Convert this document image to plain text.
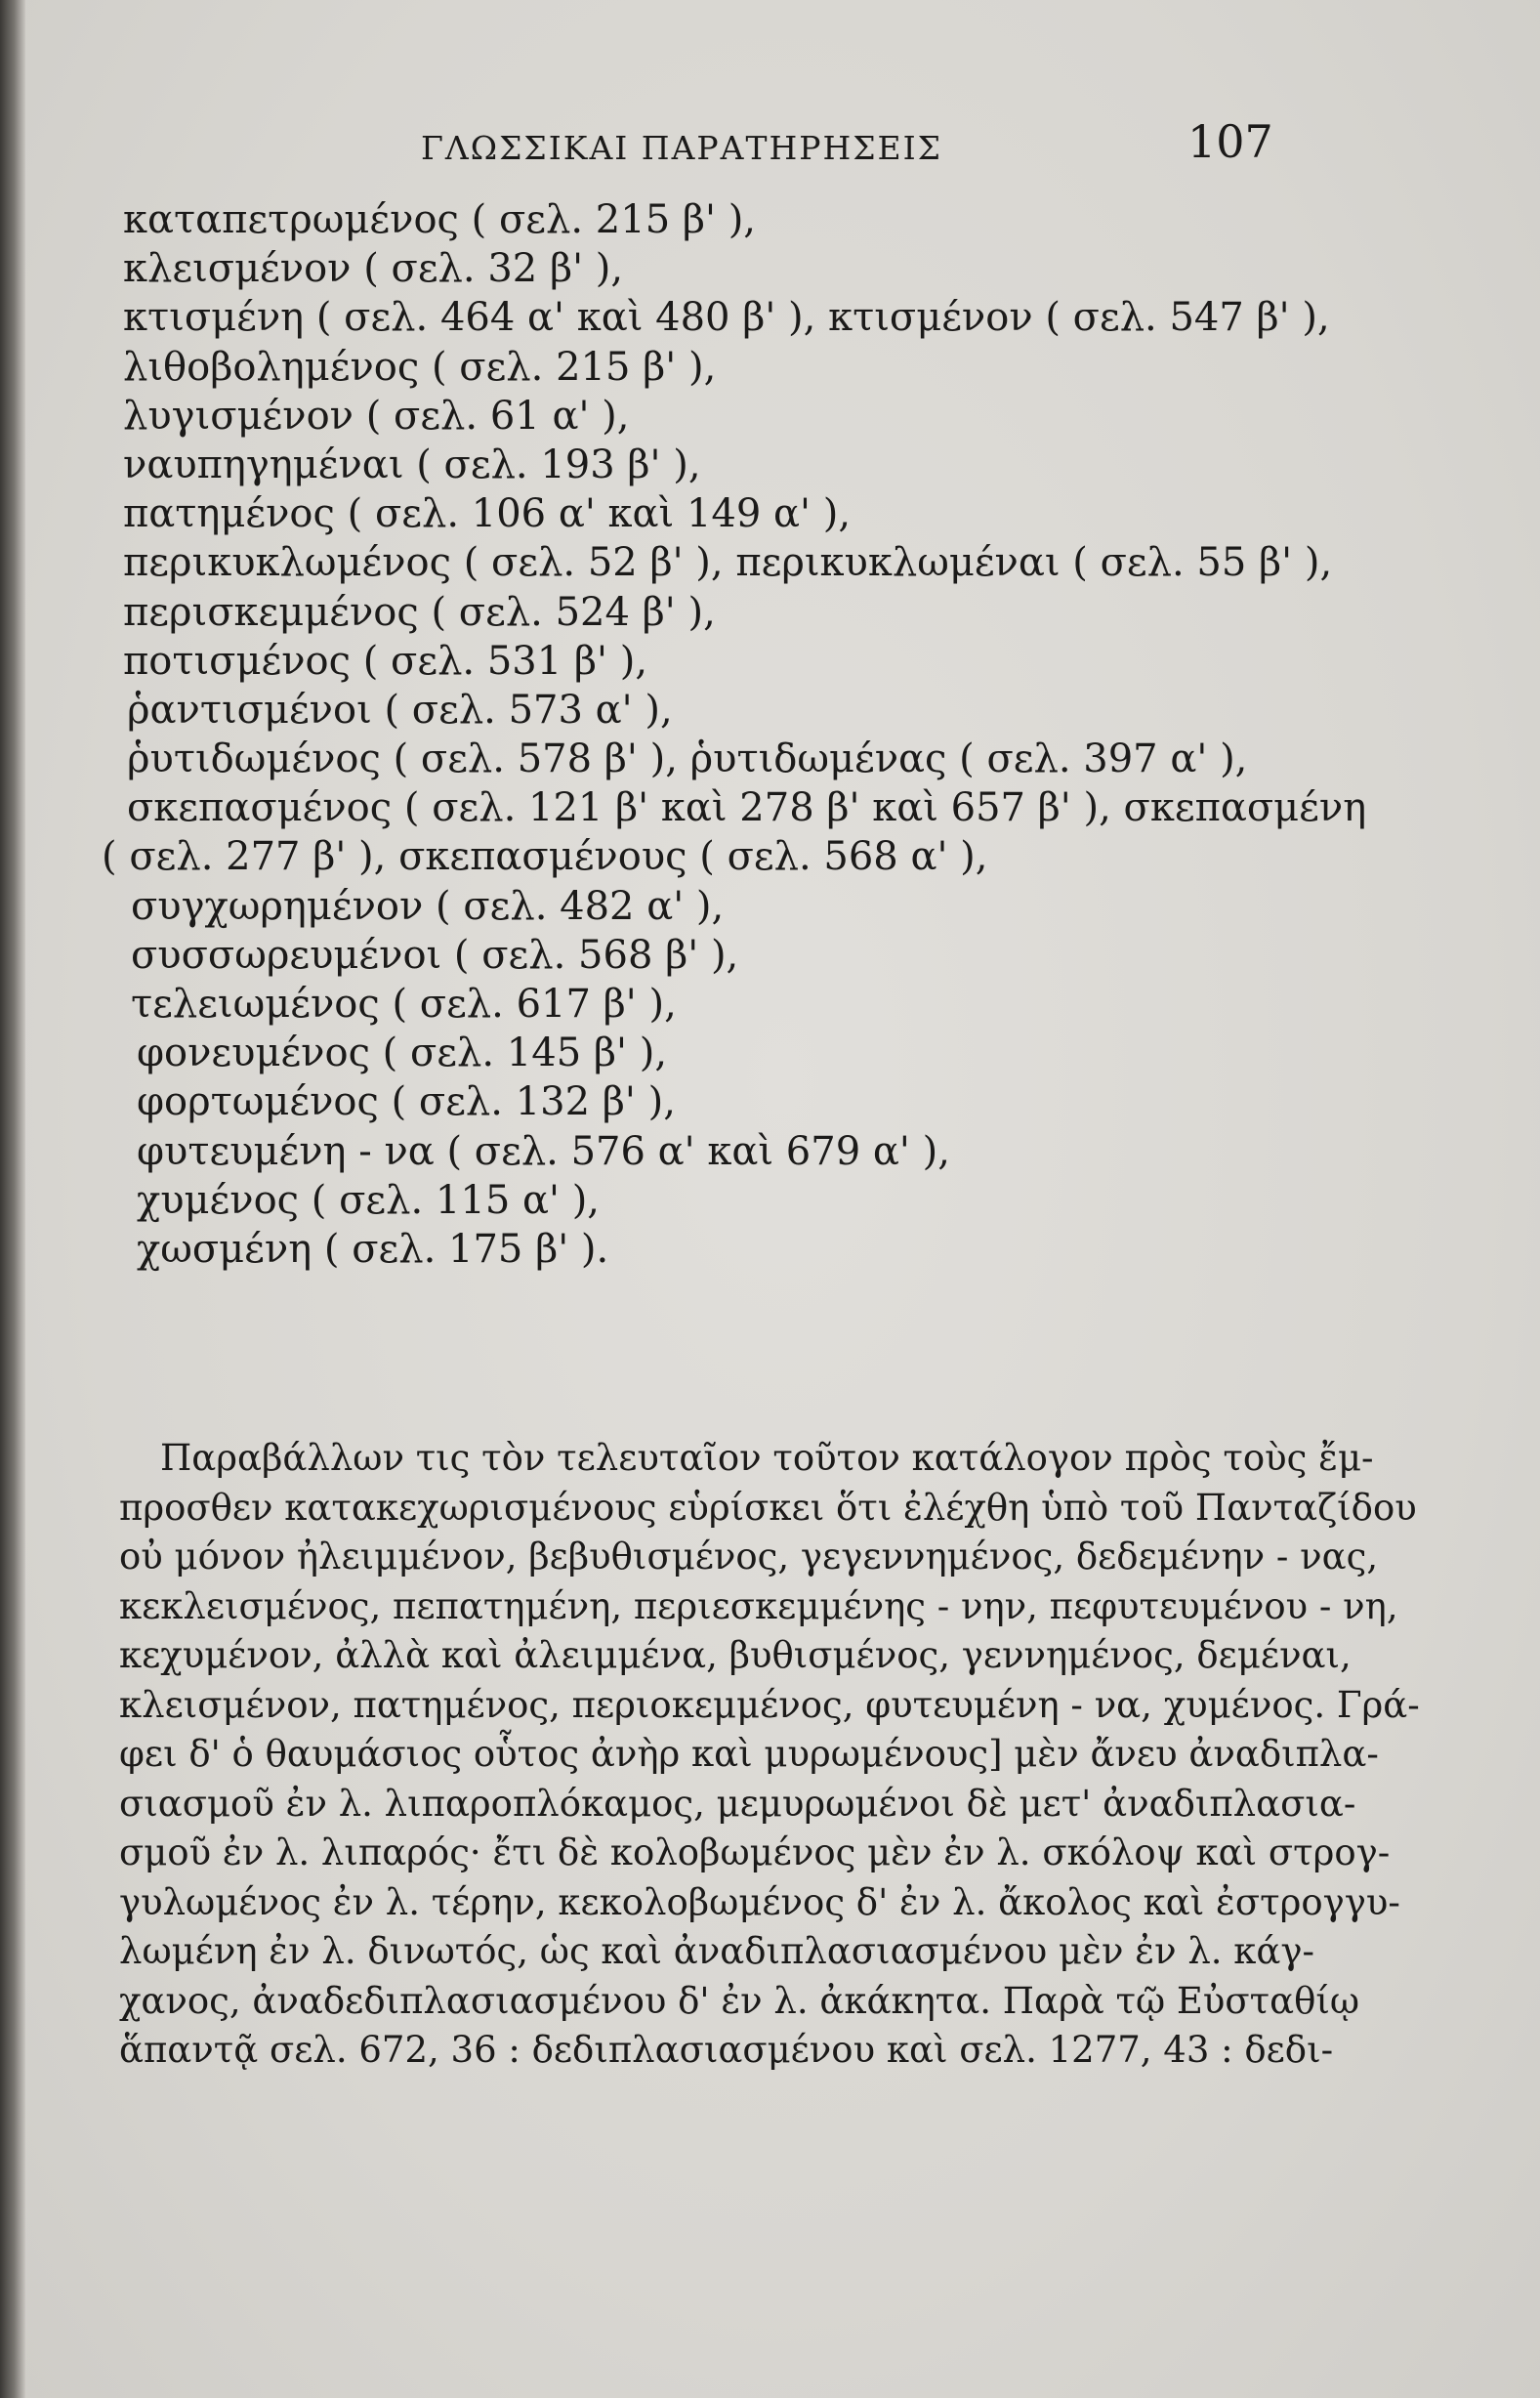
ΓΛΩΣΣΙΚΑΙ ΠΑΡΑΤΗΡΗΣΕΙΣ	107
καταπετρωμένος ( σελ. 215 β' ),
κλεισμένον ( σελ. 32 β' ),
κτισμένη ( σελ. 464 α' καὶ 480 β' ), κτισμένον ( σελ. 547 β' ),
λιθοβολημένος ( σελ. 215 β' ),
λυγισμένον ( σελ. 61 α' ),
ναυπηγημέναι ( σελ. 193 β' ),
πατημένος ( σελ. 106 α' καὶ 149 α' ),
περικυκλωμένος ( σελ. 52 β' ), περικυκλωμέναι ( σελ. 55 β' ),
περισκεμμένος ( σελ. 524 β' ),
ποτισμένος ( σελ. 531 β' ),
ῥαντισμένοι ( σελ. 573 α' ),
ῥυτιδωμένος ( σελ. 578 β' ), ῥυτιδωμένας ( σελ. 397 α' ),
σκεπασμένος ( σελ. 121 β' καὶ 278 β' καὶ 657 β' ), σκεπασμένη
( σελ. 277 β' ), σκεπασμένους ( σελ. 568 α' ),
συγχωρημένον ( σελ. 482 α' ),
συσσωρευμένοι ( σελ. 568 β' ),
τελειωμένος ( σελ. 617 β' ),
φονευμένος ( σελ. 145 β' ),
φορτωμένος ( σελ. 132 β' ),
φυτευμένη - να ( σελ. 576 α' καὶ 679 α' ),
χυμένος ( σελ. 115 α' ),
χωσμένη ( σελ. 175 β' ).
Παραβάλλων τις τὸν τελευταῖον τοῦτον κατάλογον πρὸς τοὺς ἔμ-
προσθεν κατακεχωρισμένους εὑρίσκει ὅτι ἐλέχθη ὑπὸ τοῦ Πανταζίδου
οὐ μόνον ἠλειμμένον, βεβυθισμένος, γεγεννημένος, δεδεμένην - νας,
κεκλεισμένος, πεπατημένη, περιεσκεμμένης - νην, πεφυτευμένου - νη,
κεχυμένον, ἀλλὰ καὶ ἀλειμμένα, βυθισμένος, γεννημένος, δεμέναι,
κλεισμένον, πατημένος, περιοκεμμένος, φυτευμένη - να, χυμένος. Γρά-
φει δ' ὁ θαυμάσιος οὗτος ἀνὴρ καὶ μυρωμένους] μὲν ἄνευ ἀναδιπλα-
σιασμοῦ ἐν λ. λιπαροπλόκαμος, μεμυρωμένοι δὲ μετ' ἀναδιπλασια-
σμοῦ ἐν λ. λιπαρός· ἔτι δὲ κολοβωμένος μὲν ἐν λ. σκόλοψ καὶ στρογ-
γυλωμένος ἐν λ. τέρην, κεκολοβωμένος δ' ἐν λ. ἄκολος καὶ ἐστρογγυ-
λωμένη ἐν λ. δινωτός, ὡς καὶ ἀναδιπλασιασμένου μὲν ἐν λ. κάγ-
χανος, ἀναδεδιπλασιασμένου δ' ἐν λ. ἀκάκητα. Παρὰ τῷ Εὐσταθίῳ
ἅπαντᾷ σελ. 672, 36 : δεδιπλασιασμένου καὶ σελ. 1277, 43 : δεδι-
